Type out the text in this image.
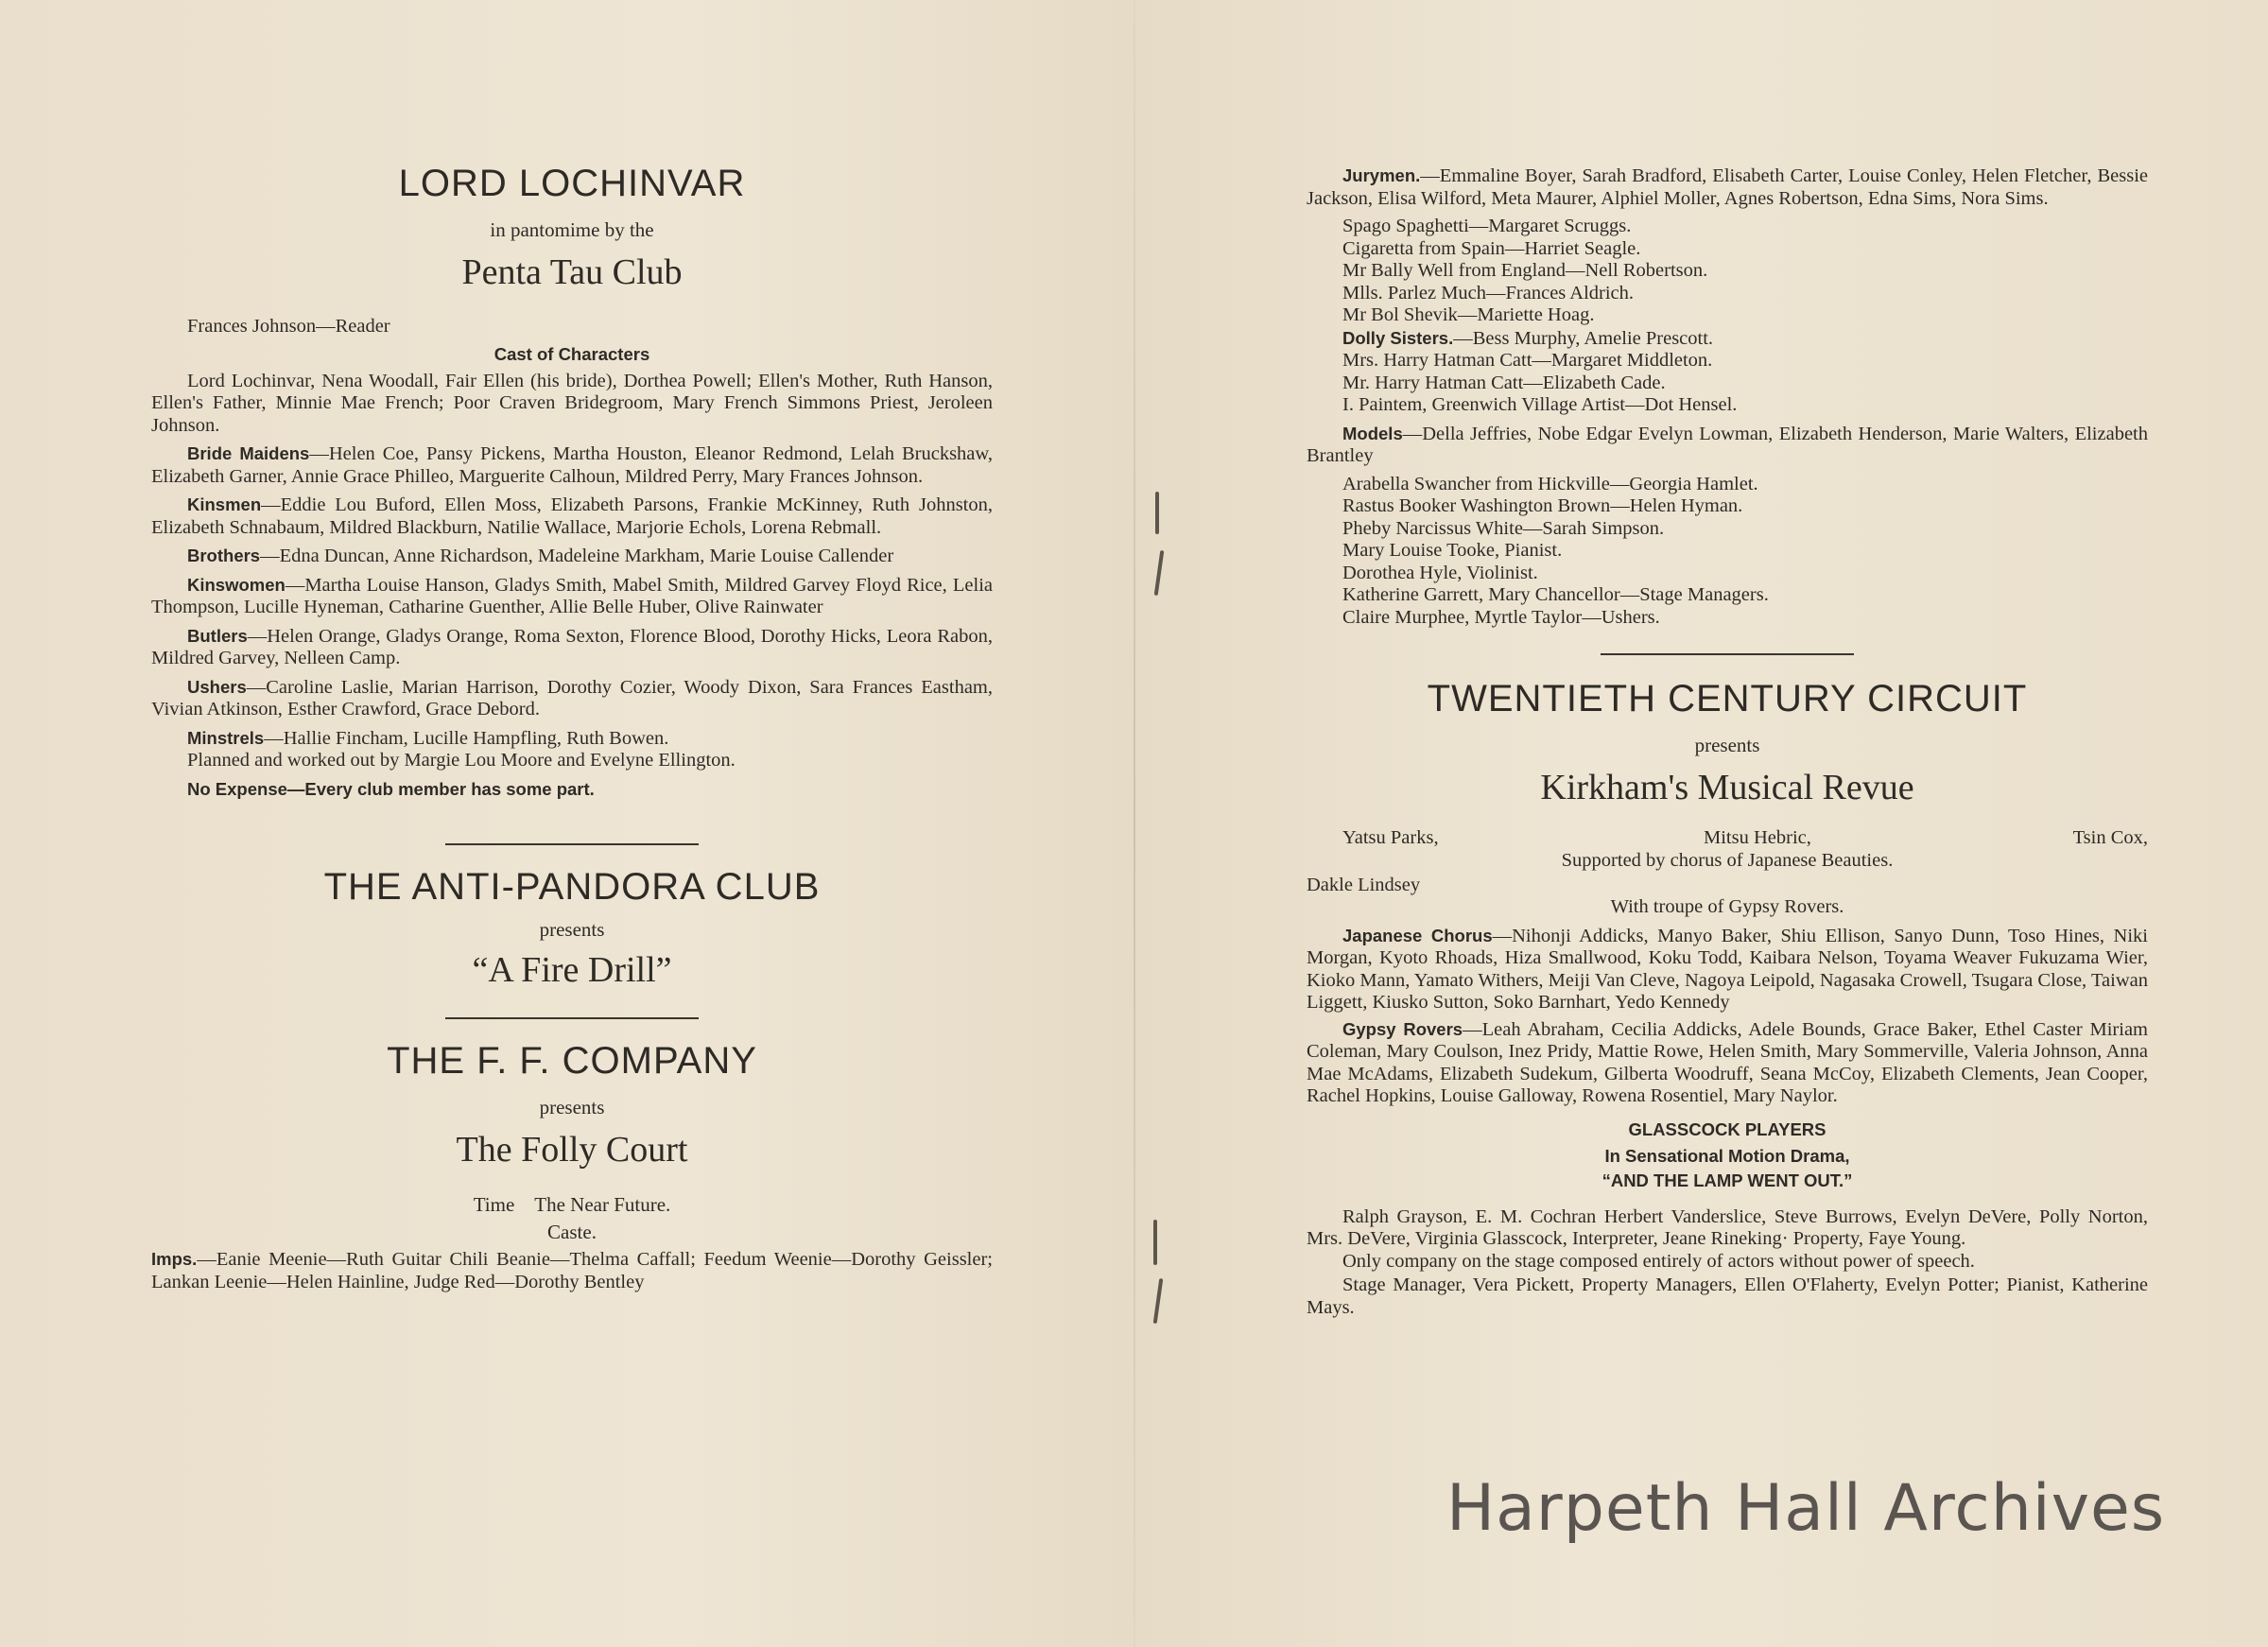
LORD LOCHINVAR
in pantomime by the
Penta Tau Club

Frances Johnson—Reader

Cast of Characters

Lord Lochinvar, Nena Woodall, Fair Ellen (his bride), Dorthea Powell; Ellen's Mother, Ruth Hanson, Ellen's Father, Minnie Mae French; Poor Craven Bridegroom, Mary French Simmons Priest, Jeroleen Johnson.

Bride Maidens—Helen Coe, Pansy Pickens, Martha Houston, Eleanor Redmond, Lelah Bruckshaw, Elizabeth Garner, Annie Grace Philleo, Marguerite Calhoun, Mildred Perry, Mary Frances Johnson.

Kinsmen—Eddie Lou Buford, Ellen Moss, Elizabeth Parsons, Frankie McKinney, Ruth Johnston, Elizabeth Schnabaum, Mildred Blackburn, Natilie Wallace, Marjorie Echols, Lorena Rebmall.

Brothers—Edna Duncan, Anne Richardson, Madeleine Markham, Marie Louise Callender

Kinswomen—Martha Louise Hanson, Gladys Smith, Mabel Smith, Mildred Garvey Floyd Rice, Lelia Thompson, Lucille Hyneman, Catharine Guenther, Allie Belle Huber, Olive Rainwater

Butlers—Helen Orange, Gladys Orange, Roma Sexton, Florence Blood, Dorothy Hicks, Leora Rabon, Mildred Garvey, Nelleen Camp.

Ushers—Caroline Laslie, Marian Harrison, Dorothy Cozier, Woody Dixon, Sara Frances Eastham, Vivian Atkinson, Esther Crawford, Grace Debord.

Minstrels—Hallie Fincham, Lucille Hampfling, Ruth Bowen.

Planned and worked out by Margie Lou Moore and Evelyne Ellington.

No Expense—Every club member has some part.

THE ANTI-PANDORA CLUB
presents
“A Fire Drill”
THE F. F. COMPANY
presents
The Folly Court
Time The Near Future.
Caste.

Imps.—Eanie Meenie—Ruth Guitar Chili Beanie—Thelma Caffall; Feedum Weenie—Dorothy Geissler; Lankan Leenie—Helen Hainline, Judge Red—Dorothy Bentley

Jurymen.—Emmaline Boyer, Sarah Bradford, Elisabeth Carter, Louise Conley, Helen Fletcher, Bessie Jackson, Elisa Wilford, Meta Maurer, Alphiel Moller, Agnes Robertson, Edna Sims, Nora Sims.

Spago Spaghetti—Margaret Scruggs.
Cigaretta from Spain—Harriet Seagle.
Mr Bally Well from England—Nell Robertson.
Mlls. Parlez Much—Frances Aldrich.
Mr Bol Shevik—Mariette Hoag.
Dolly Sisters.—Bess Murphy, Amelie Prescott.
Mrs. Harry Hatman Catt—Margaret Middleton.
Mr. Harry Hatman Catt—Elizabeth Cade.
I. Paintem, Greenwich Village Artist—Dot Hensel.

Models—Della Jeffries, Nobe Edgar Evelyn Lowman, Elizabeth Henderson, Marie Walters, Elizabeth Brantley

Arabella Swancher from Hickville—Georgia Hamlet.
Rastus Booker Washington Brown—Helen Hyman.
Pheby Narcissus White—Sarah Simpson.
Mary Louise Tooke, Pianist.
Dorothea Hyle, Violinist.
Katherine Garrett, Mary Chancellor—Stage Managers.
Claire Murphee, Myrtle Taylor—Ushers.
TWENTIETH CENTURY CIRCUIT
presents
Kirkham's Musical Revue
Yatsu Parks,	Mitsu Hebric,	Tsin Cox,
Supported by chorus of Japanese Beauties.
Dakle Lindsey
With troupe of Gypsy Rovers.

Japanese Chorus—Nihonji Addicks, Manyo Baker, Shiu Ellison, Sanyo Dunn, Toso Hines, Niki Morgan, Kyoto Rhoads, Hiza Smallwood, Koku Todd, Kaibara Nelson, Toyama Weaver Fukuzama Wier, Kioko Mann, Yamato Withers, Meiji Van Cleve, Nagoya Leipold, Nagasaka Crowell, Tsugara Close, Taiwan Liggett, Kiusko Sutton, Soko Barnhart, Yedo Kennedy

Gypsy Rovers—Leah Abraham, Cecilia Addicks, Adele Bounds, Grace Baker, Ethel Caster Miriam Coleman, Mary Coulson, Inez Pridy, Mattie Rowe, Helen Smith, Mary Sommerville, Valeria Johnson, Anna Mae McAdams, Elizabeth Sudekum, Gilberta Woodruff, Seana McCoy, Elizabeth Clements, Jean Cooper, Rachel Hopkins, Louise Galloway, Rowena Rosentiel, Mary Naylor.

GLASSCOCK PLAYERS
In Sensational Motion Drama,
“AND THE LAMP WENT OUT.”

Ralph Grayson, E. M. Cochran Herbert Vanderslice, Steve Burrows, Evelyn DeVere, Polly Norton, Mrs. DeVere, Virginia Glasscock, Interpreter, Jeane Rineking· Property, Faye Young.

Only company on the stage composed entirely of actors without power of speech.

Stage Manager, Vera Pickett, Property Managers, Ellen O'Flaherty, Evelyn Potter; Pianist, Katherine Mays.

Harpeth Hall Archives
